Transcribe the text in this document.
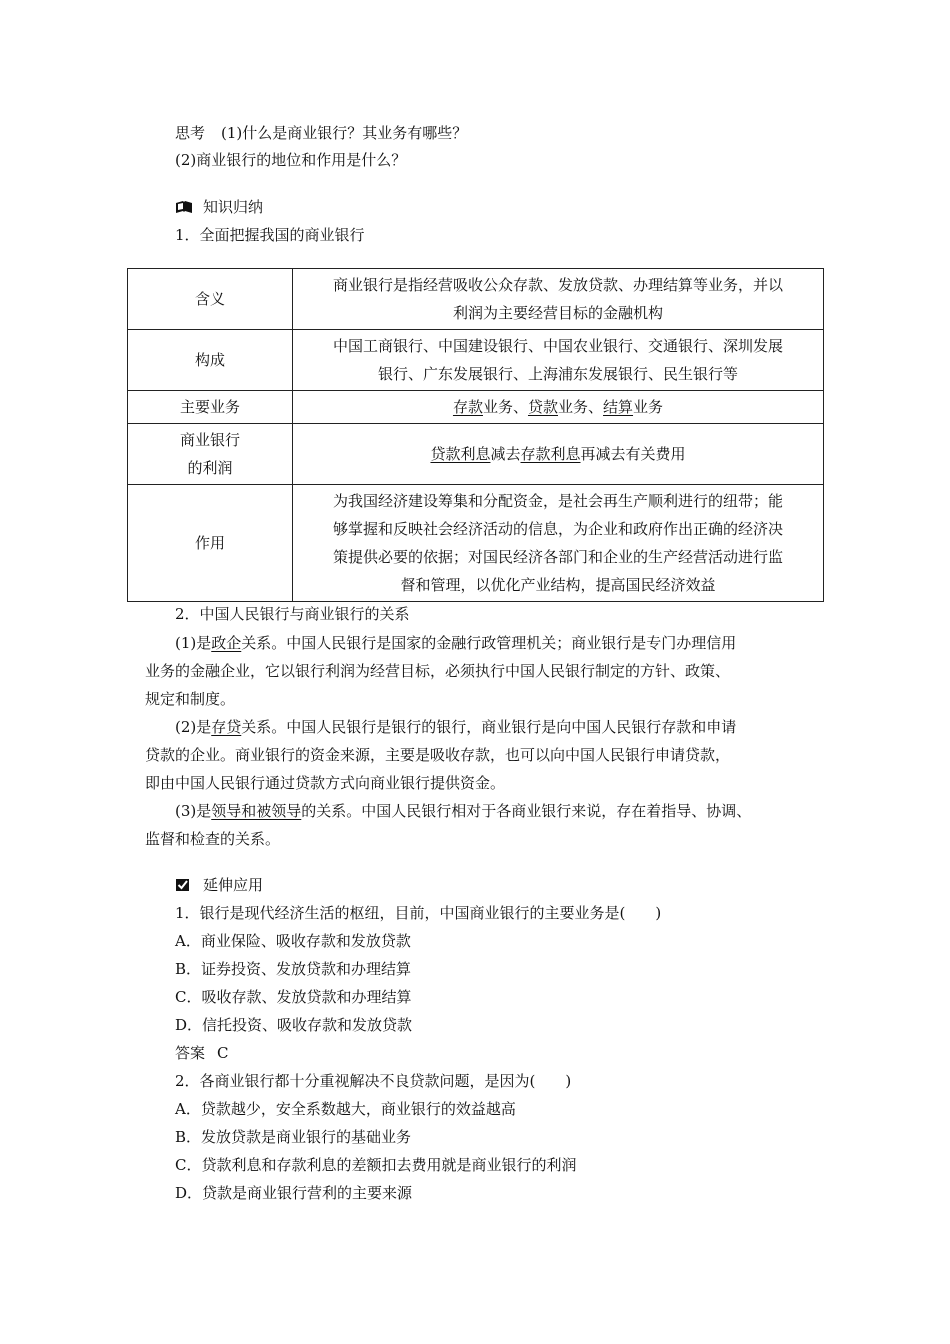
思考 (1)什么是商业银行？其业务有哪些？
(2)商业银行的地位和作用是什么？
知识归纳
1．全面把握我国的商业银行
含义	商业银行是指经营吸收公众存款、发放贷款、办理结算等业务，并以
利润为主要经营目标的金融机构

构成	中国工商银行、中国建设银行、中国农业银行、交通银行、深圳发展
银行、广东发展银行、上海浦东发展银行、民生银行等

主要业务	存款业务、贷款业务、结算业务

商业银行
的利润	贷款利息减去存款利息再减去有关费用
作用	为我国经济建设筹集和分配资金，是社会再生产顺利进行的纽带；能
够掌握和反映社会经济活动的信息，为企业和政府作出正确的经济决
策提供必要的依据；对国民经济各部门和企业的生产经营活动进行监
督和管理，以优化产业结构，提高国民经济效益
2．中国人民银行与商业银行的关系
(1)是政企关系。中国人民银行是国家的金融行政管理机关；商业银行是专门办理信用
业务的金融企业，它以银行利润为经营目标，必须执行中国人民银行制定的方针、政策、
规定和制度。
(2)是存贷关系。中国人民银行是银行的银行，商业银行是向中国人民银行存款和申请
贷款的企业。商业银行的资金来源，主要是吸收存款，也可以向中国人民银行申请贷款，
即由中国人民银行通过贷款方式向商业银行提供资金。
(3)是领导和被领导的关系。中国人民银行相对于各商业银行来说，存在着指导、协调、
监督和检查的关系。
延伸应用
1．银行是现代经济生活的枢纽，目前，中国商业银行的主要业务是(　　)
A．商业保险、吸收存款和发放贷款
B．证券投资、发放贷款和办理结算
C．吸收存款、发放贷款和办理结算
D．信托投资、吸收存款和发放贷款
答案 C
2．各商业银行都十分重视解决不良贷款问题，是因为(　　)
A．贷款越少，安全系数越大，商业银行的效益越高
B．发放贷款是商业银行的基础业务
C．贷款利息和存款利息的差额扣去费用就是商业银行的利润
D．贷款是商业银行营利的主要来源
